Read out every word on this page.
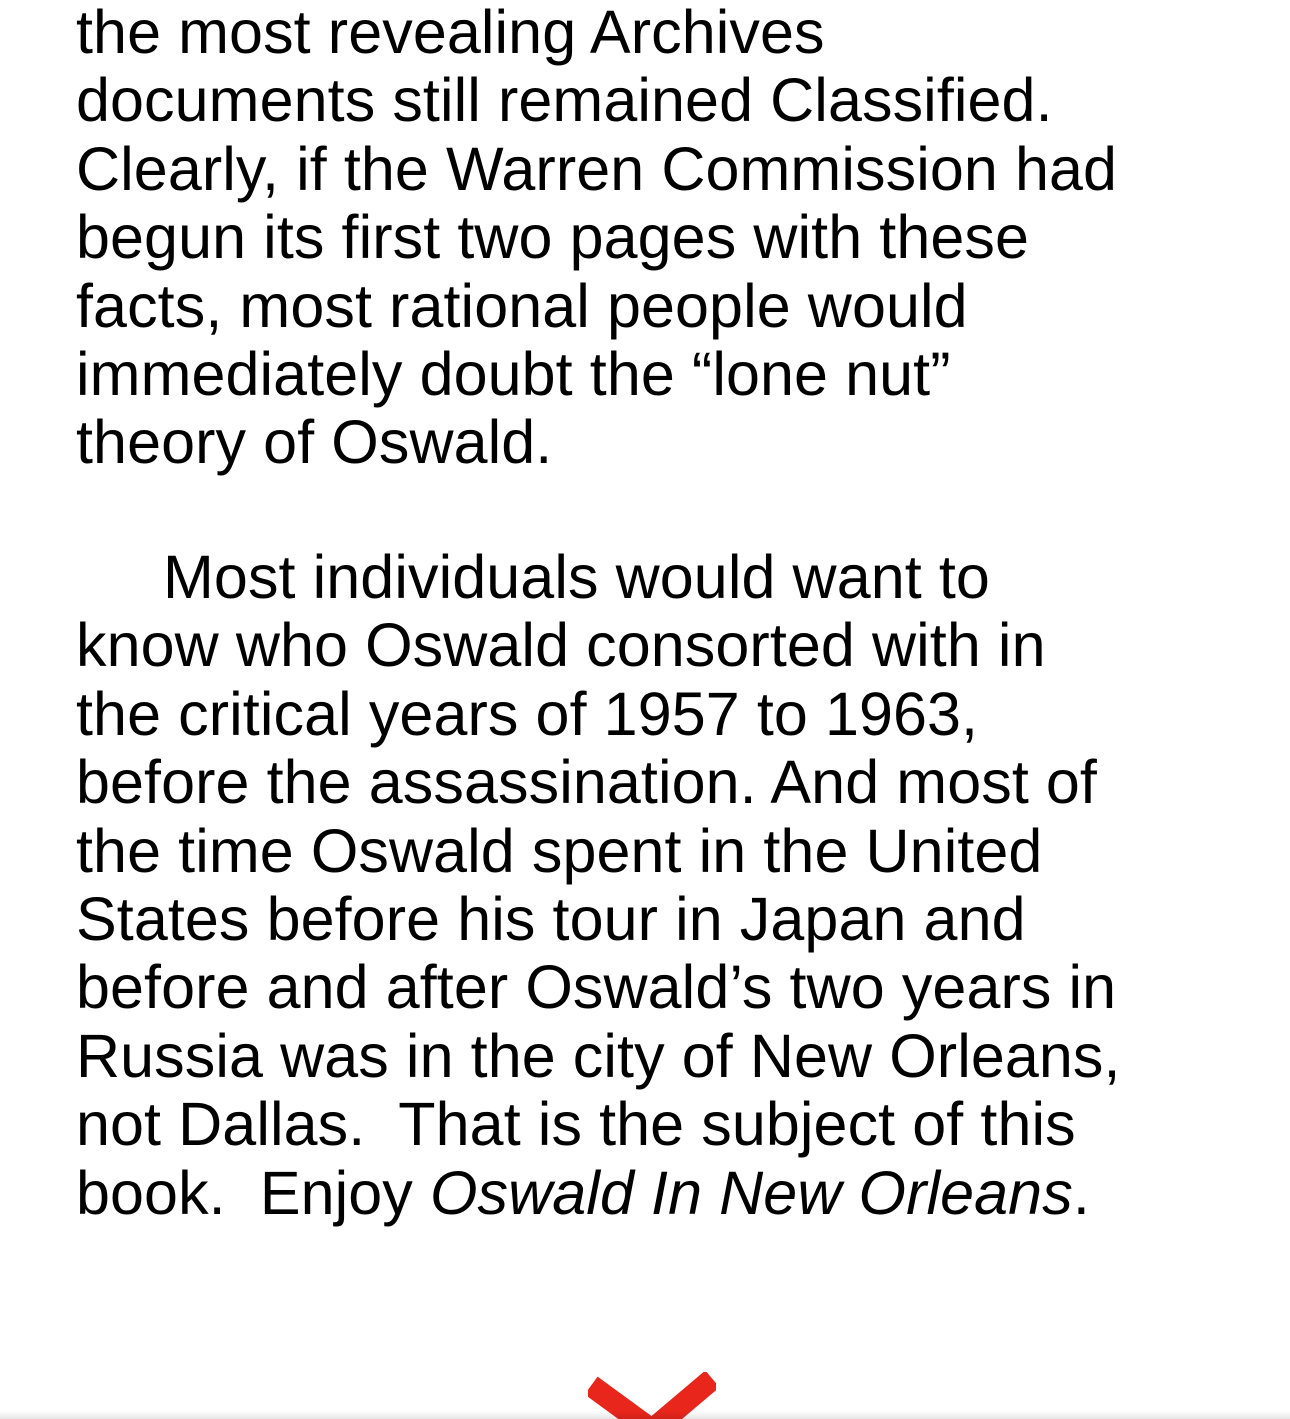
the most revealing Archives
documents still remained Classified.
Clearly, if the Warren Commission had
begun its first two pages with these
facts, most rational people would
immediately doubt the “lone nut”
theory of Oswald.
Most individuals would want to
know who Oswald consorted with in
the critical years of 1957 to 1963,
before the assassination. And most of
the time Oswald spent in the United
States before his tour in Japan and
before and after Oswald’s two years in
Russia was in the city of New Orleans,
not Dallas.  That is the subject of this
book.  Enjoy Oswald In New Orleans.
